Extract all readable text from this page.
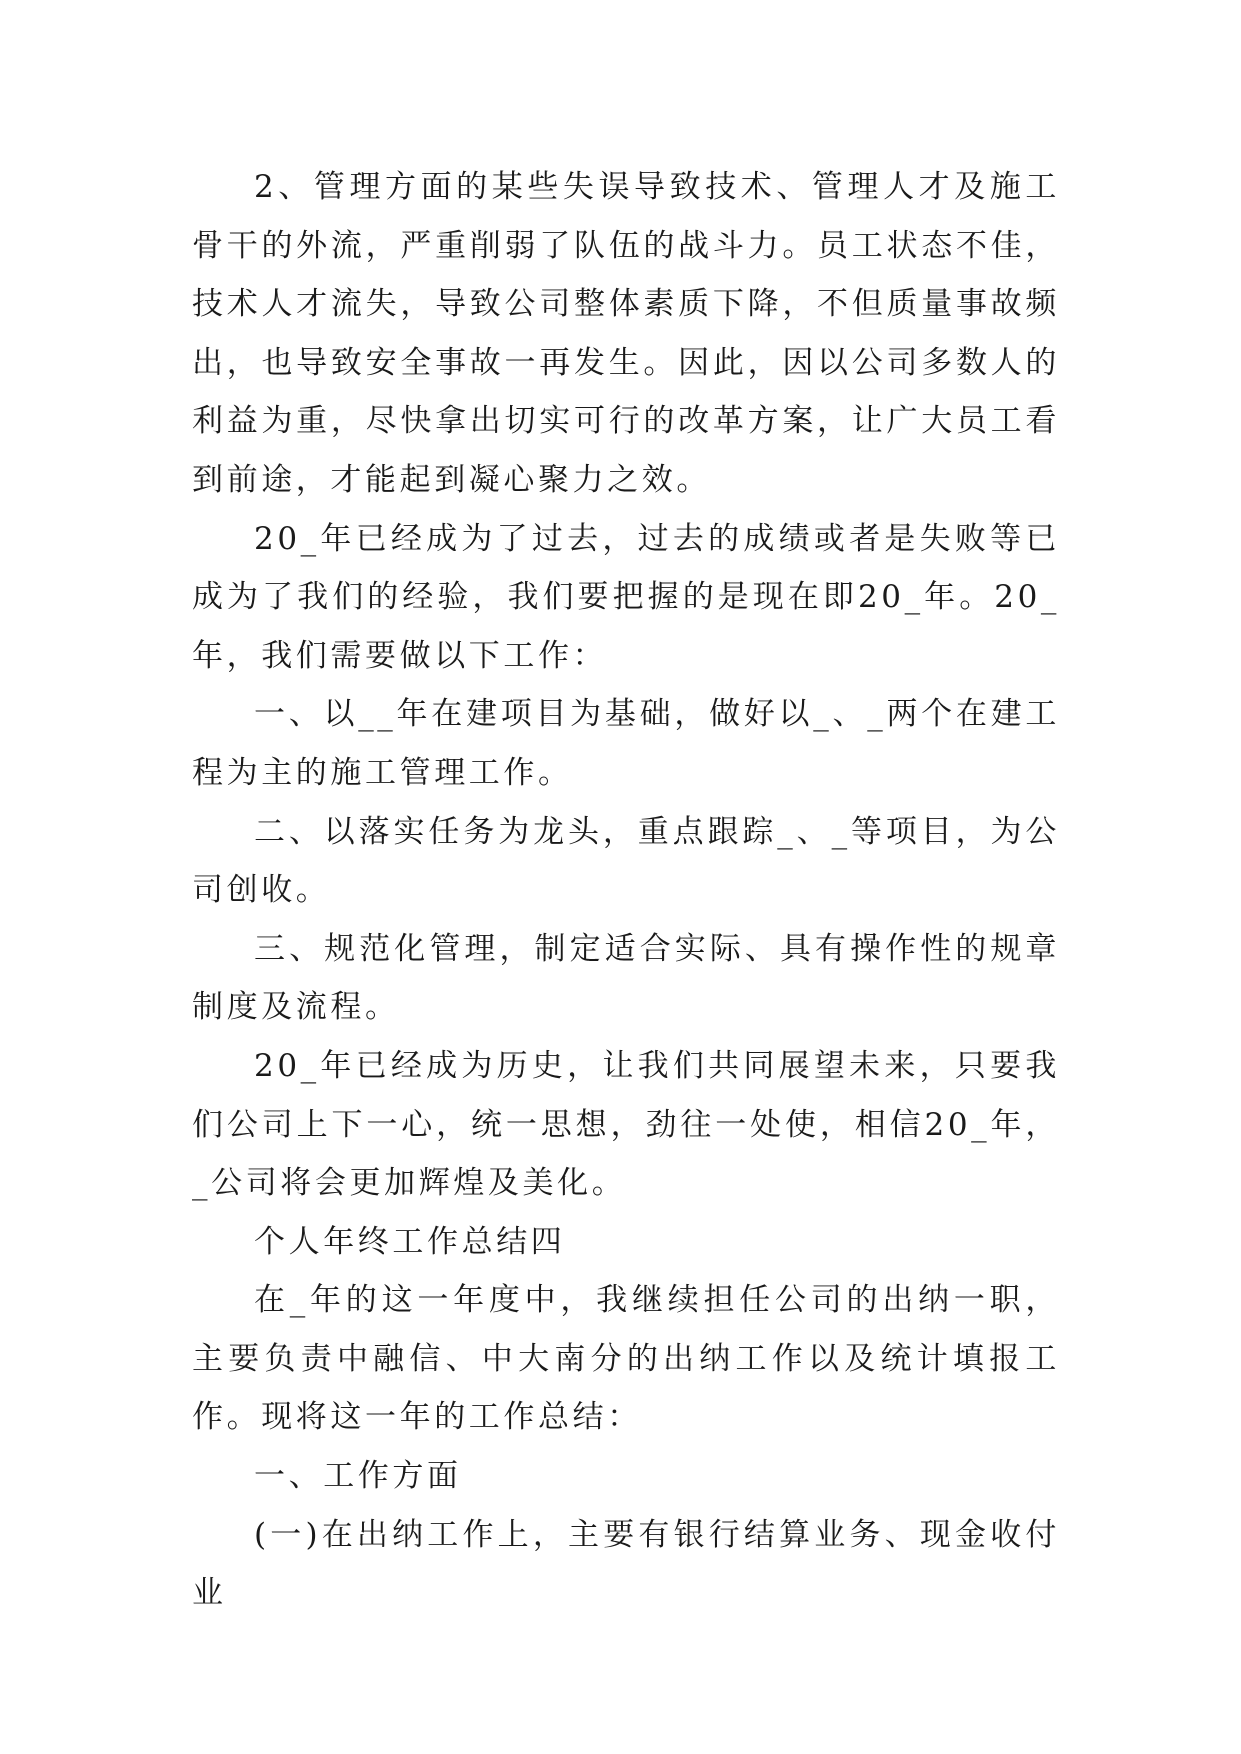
2、管理方面的某些失误导致技术、管理人才及施工骨干的外流，严重削弱了队伍的战斗力。员工状态不佳，技术人才流失，导致公司整体素质下降，不但质量事故频出，也导致安全事故一再发生。因此，因以公司多数人的利益为重，尽快拿出切实可行的改革方案，让广大员工看到前途，才能起到凝心聚力之效。

20_年已经成为了过去，过去的成绩或者是失败等已成为了我们的经验，我们要把握的是现在即20_年。20_年，我们需要做以下工作：

一、以__年在建项目为基础，做好以_、_两个在建工程为主的施工管理工作。

二、以落实任务为龙头，重点跟踪_、_等项目，为公司创收。

三、规范化管理，制定适合实际、具有操作性的规章制度及流程。

20_年已经成为历史，让我们共同展望未来，只要我们公司上下一心，统一思想，劲往一处使，相信20_年，_公司将会更加辉煌及美化。

个人年终工作总结四

在_年的这一年度中，我继续担任公司的出纳一职，主要负责中融信、中大南分的出纳工作以及统计填报工作。现将这一年的工作总结：

一、工作方面

(一)在出纳工作上，主要有银行结算业务、现金收付业
